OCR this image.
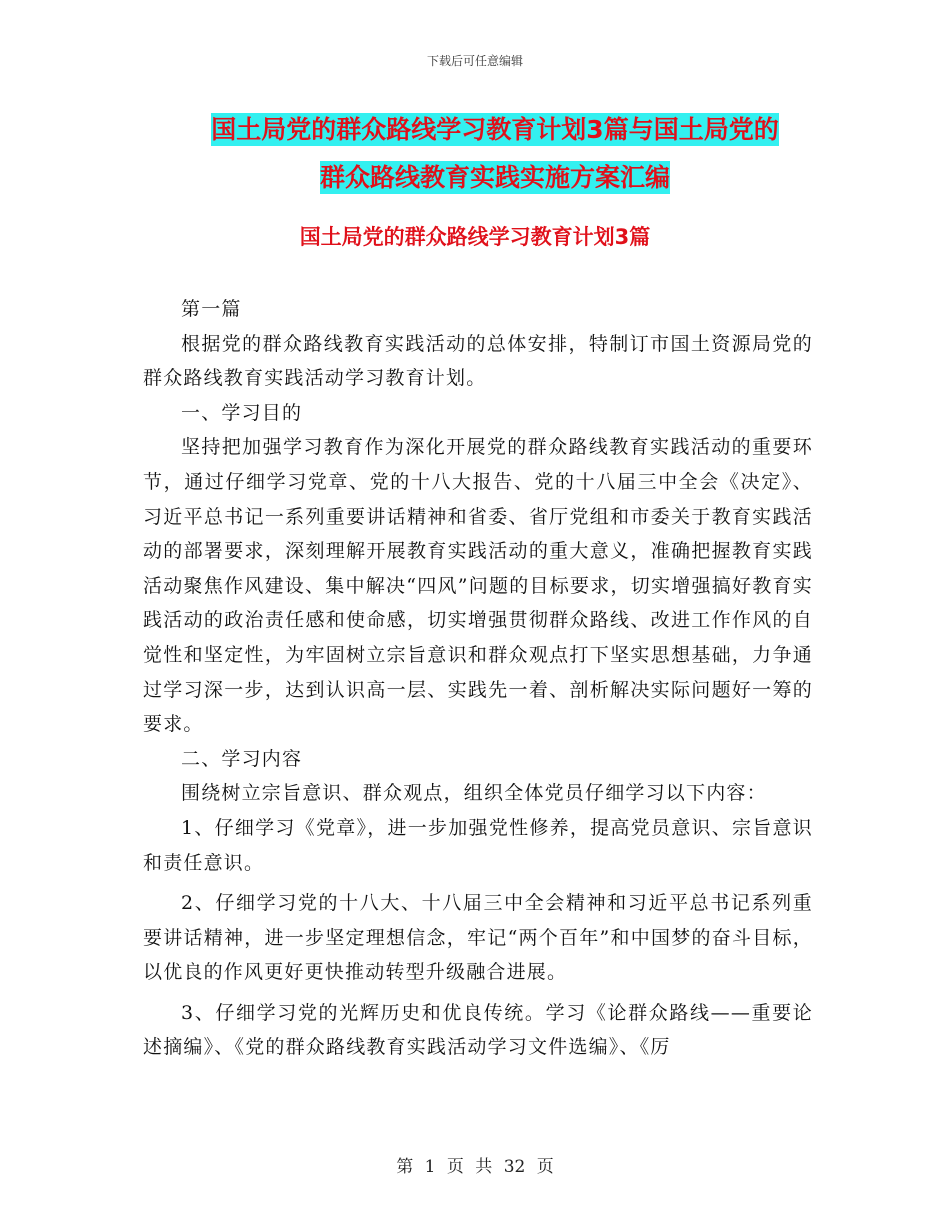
下载后可任意编辑
国土局党的群众路线学习教育计划3篇与国土局党的
群众路线教育实践实施方案汇编
国土局党的群众路线学习教育计划3篇

第一篇

根据党的群众路线教育实践活动的总体安排，特制订市国土资源局党的群众路线教育实践活动学习教育计划。

一、学习目的

坚持把加强学习教育作为深化开展党的群众路线教育实践活动的重要环节，通过仔细学习党章、党的十八大报告、党的十八届三中全会《决定》、习近平总书记一系列重要讲话精神和省委、省厅党组和市委关于教育实践活动的部署要求，深刻理解开展教育实践活动的重大意义，准确把握教育实践活动聚焦作风建设、集中解决“四风”问题的目标要求，切实增强搞好教育实践活动的政治责任感和使命感，切实增强贯彻群众路线、改进工作作风的自觉性和坚定性，为牢固树立宗旨意识和群众观点打下坚实思想基础，力争通过学习深一步，达到认识高一层、实践先一着、剖析解决实际问题好一筹的要求。

二、学习内容

围绕树立宗旨意识、群众观点，组织全体党员仔细学习以下内容：

1、仔细学习《党章》，进一步加强党性修养，提高党员意识、宗旨意识和责任意识。

2、仔细学习党的十八大、十八届三中全会精神和习近平总书记系列重要讲话精神，进一步坚定理想信念，牢记“两个百年”和中国梦的奋斗目标，以优良的作风更好更快推动转型升级融合进展。

3、仔细学习党的光辉历史和优良传统。学习《论群众路线——重要论述摘编》、《党的群众路线教育实践活动学习文件选编》、《厉

第 1 页 共 32 页
